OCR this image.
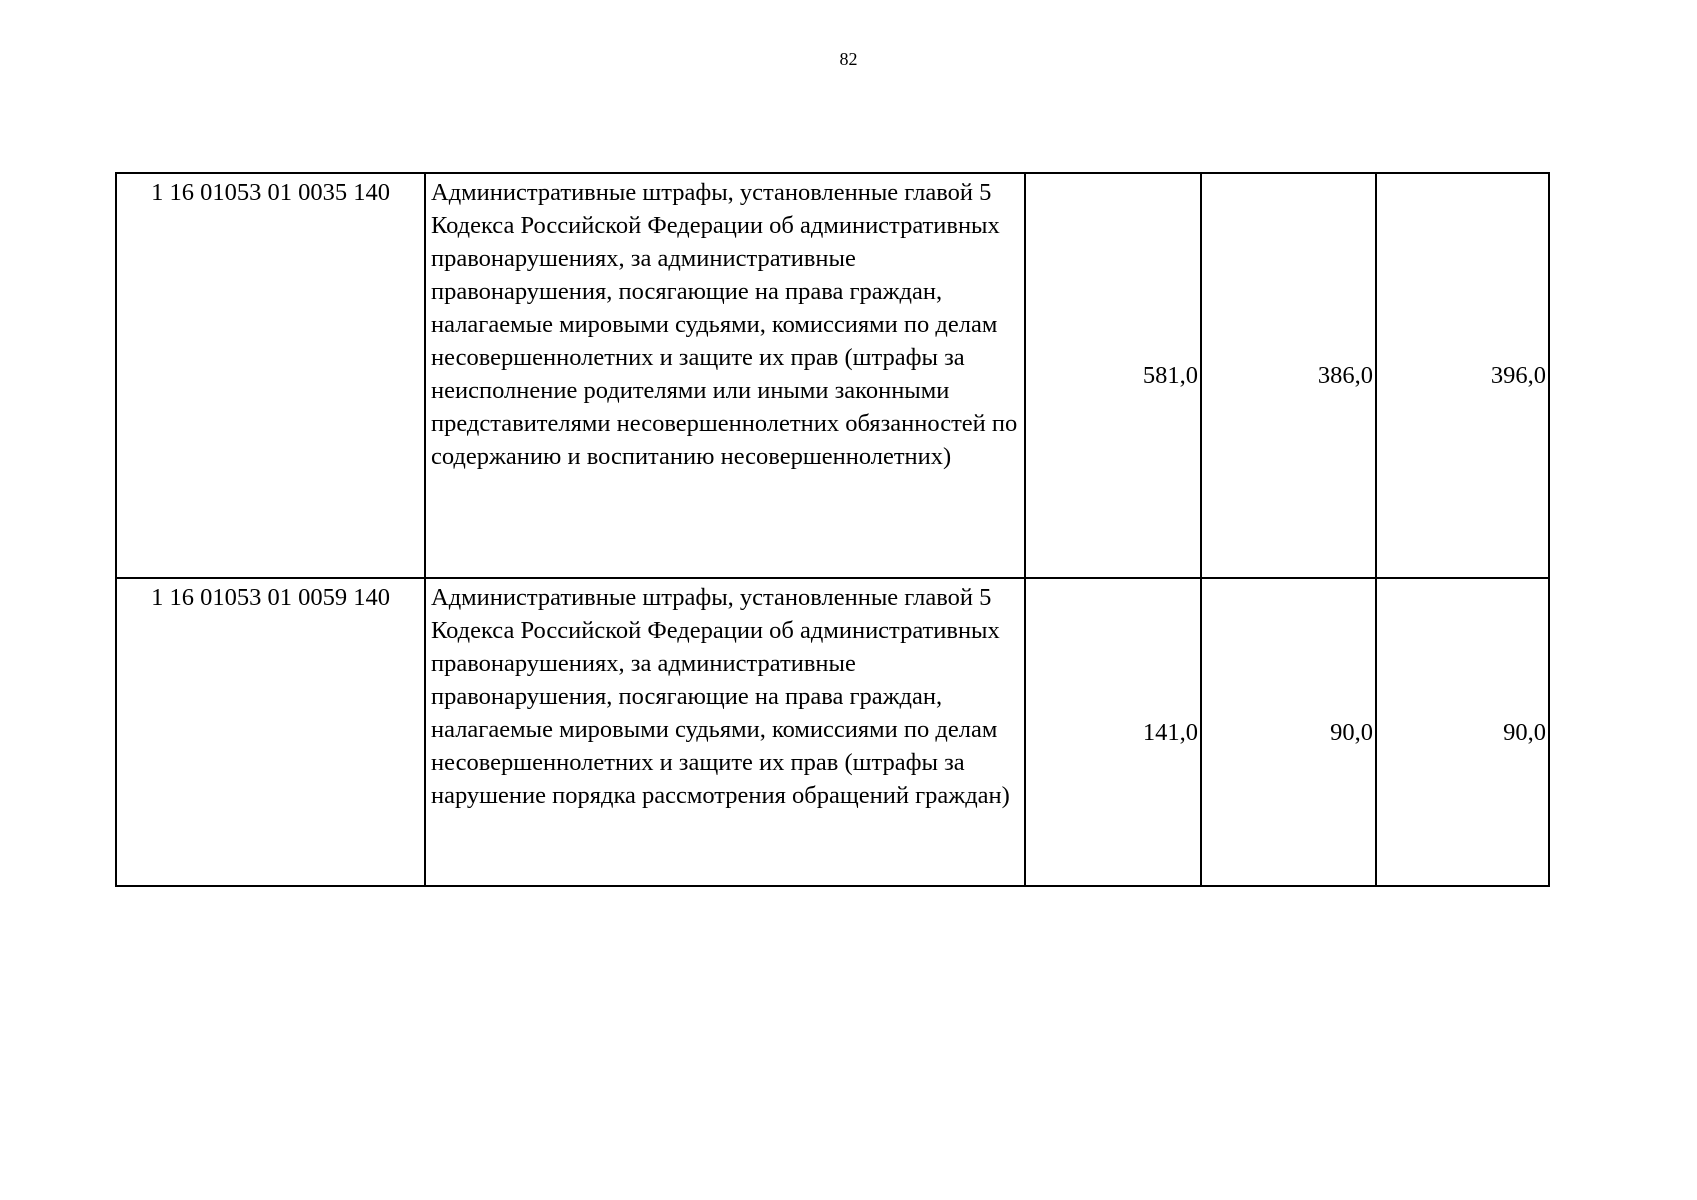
82
1 16 01053 01 0035 140	Административные штрафы, установленные главой 5 Кодекса Российской Федерации об административных правонарушениях, за административные правонарушения, посягающие на права граждан, налагаемые мировыми судьями, комиссиями по делам несовершеннолетних и защите их прав (штрафы за неисполнение родителями или иными законными представителями несовершеннолетних обязанностей по содержанию и воспитанию несовершеннолетних)	581,0	386,0	396,0
1 16 01053 01 0059 140	Административные штрафы, установленные главой 5 Кодекса Российской Федерации об административных правонарушениях, за административные правонарушения, посягающие на права граждан, налагаемые мировыми судьями, комиссиями по делам несовершеннолетних и защите их прав (штрафы за нарушение порядка рассмотрения обращений граждан)	141,0	90,0	90,0
